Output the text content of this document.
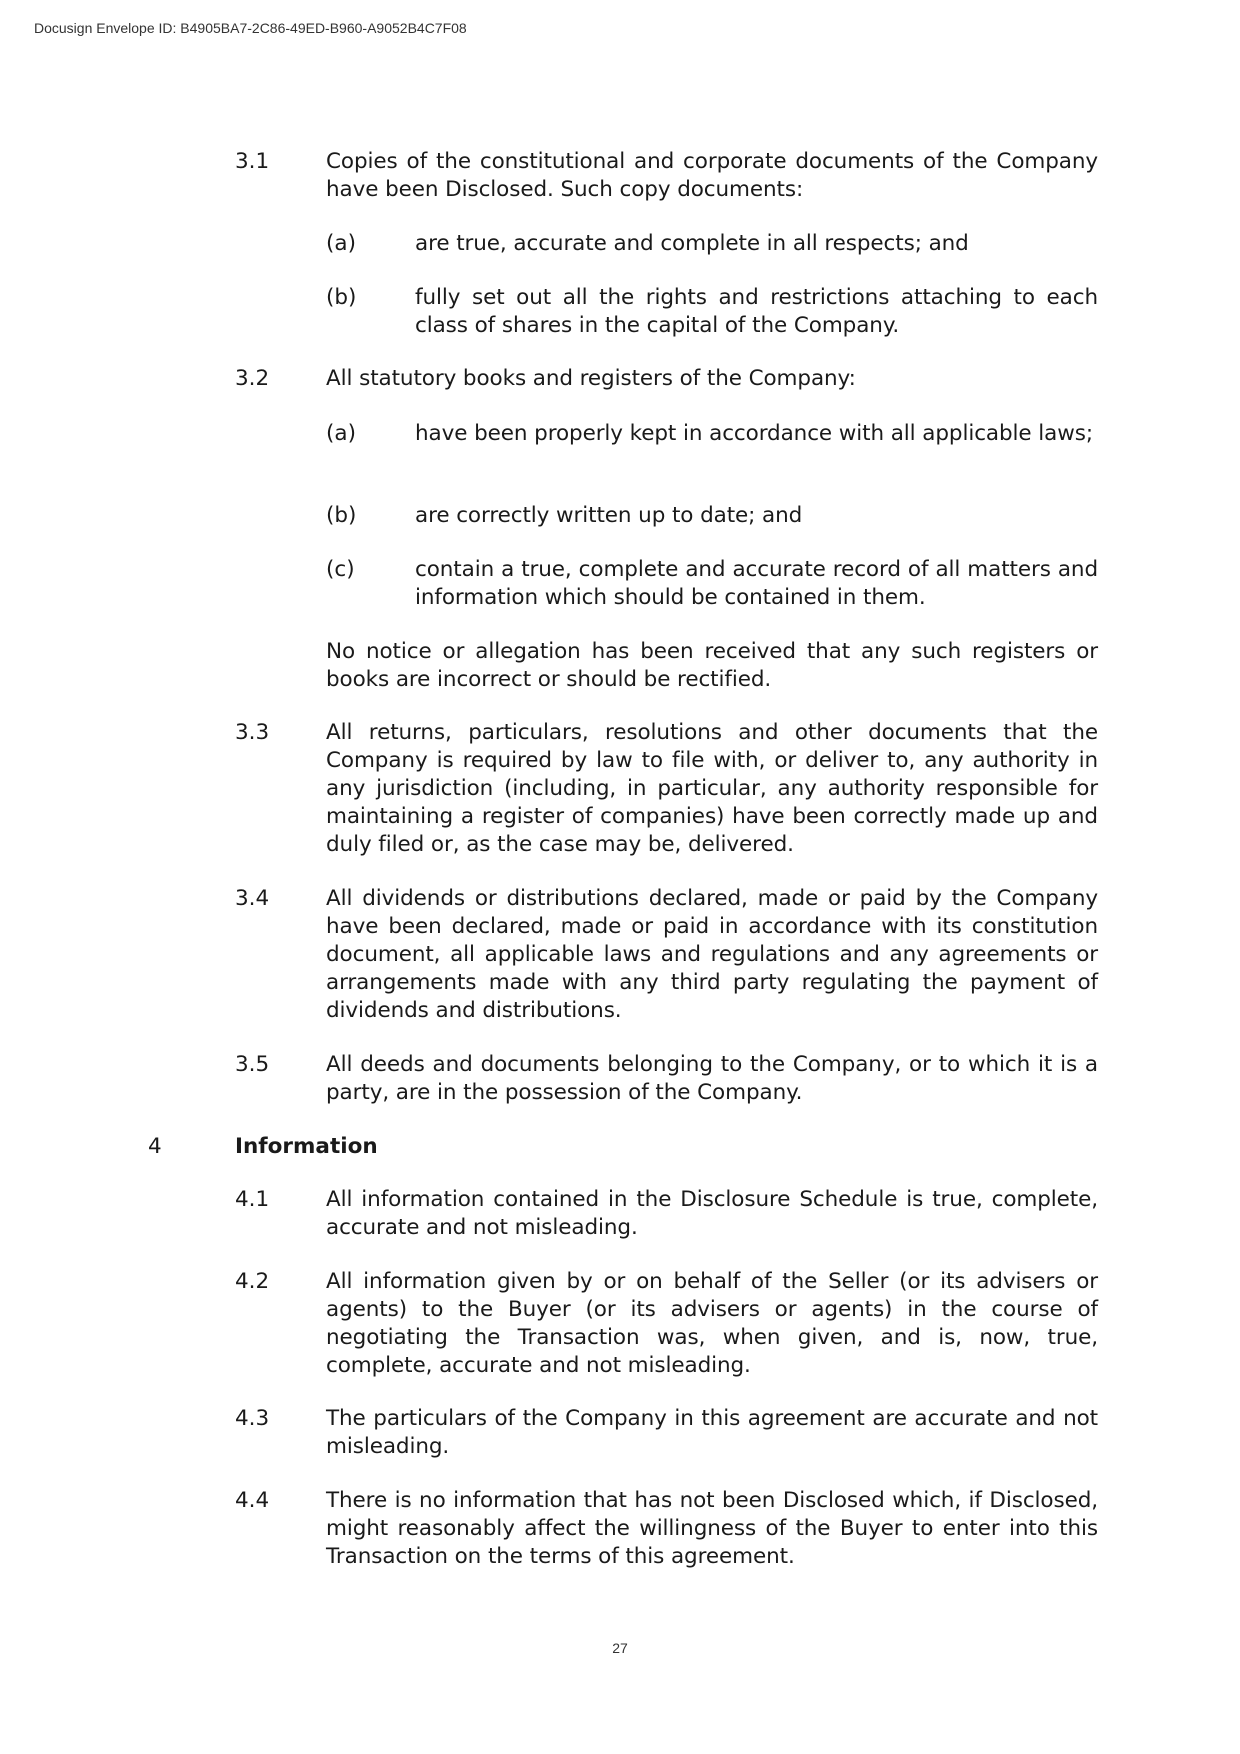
Docusign Envelope ID: B4905BA7-2C86-49ED-B960-A9052B4C7F08
3.1	Copies of the constitutional and corporate documents of the Company have been Disclosed. Such copy documents:
(a)	are true, accurate and complete in all respects; and
(b)	fully set out all the rights and restrictions attaching to each class of shares in the capital of the Company.
3.2	All statutory books and registers of the Company:
(a)	have been properly kept in accordance with all applicable laws;
(b)	are correctly written up to date; and
(c)	contain a true, complete and accurate record of all matters and information which should be contained in them.
No notice or allegation has been received that any such registers or books are incorrect or should be rectified.
3.3	All returns, particulars, resolutions and other documents that the Company is required by law to file with, or deliver to, any authority in any jurisdiction (including, in particular, any authority responsible for maintaining a register of companies) have been correctly made up and duly filed or, as the case may be, delivered.
3.4	All dividends or distributions declared, made or paid by the Company have been declared, made or paid in accordance with its constitution document, all applicable laws and regulations and any agreements or arrangements made with any third party regulating the payment of dividends and distributions.
3.5	All deeds and documents belonging to the Company, or to which it is a party, are in the possession of the Company.
4	Information
4.1	All information contained in the Disclosure Schedule is true, complete, accurate and not misleading.
4.2	All information given by or on behalf of the Seller (or its advisers or agents) to the Buyer (or its advisers or agents) in the course of negotiating the Transaction was, when given, and is, now, true, complete, accurate and not misleading.
4.3	The particulars of the Company in this agreement are accurate and not misleading.
4.4	There is no information that has not been Disclosed which, if Disclosed, might reasonably affect the willingness of the Buyer to enter into this Transaction on the terms of this agreement.
27
